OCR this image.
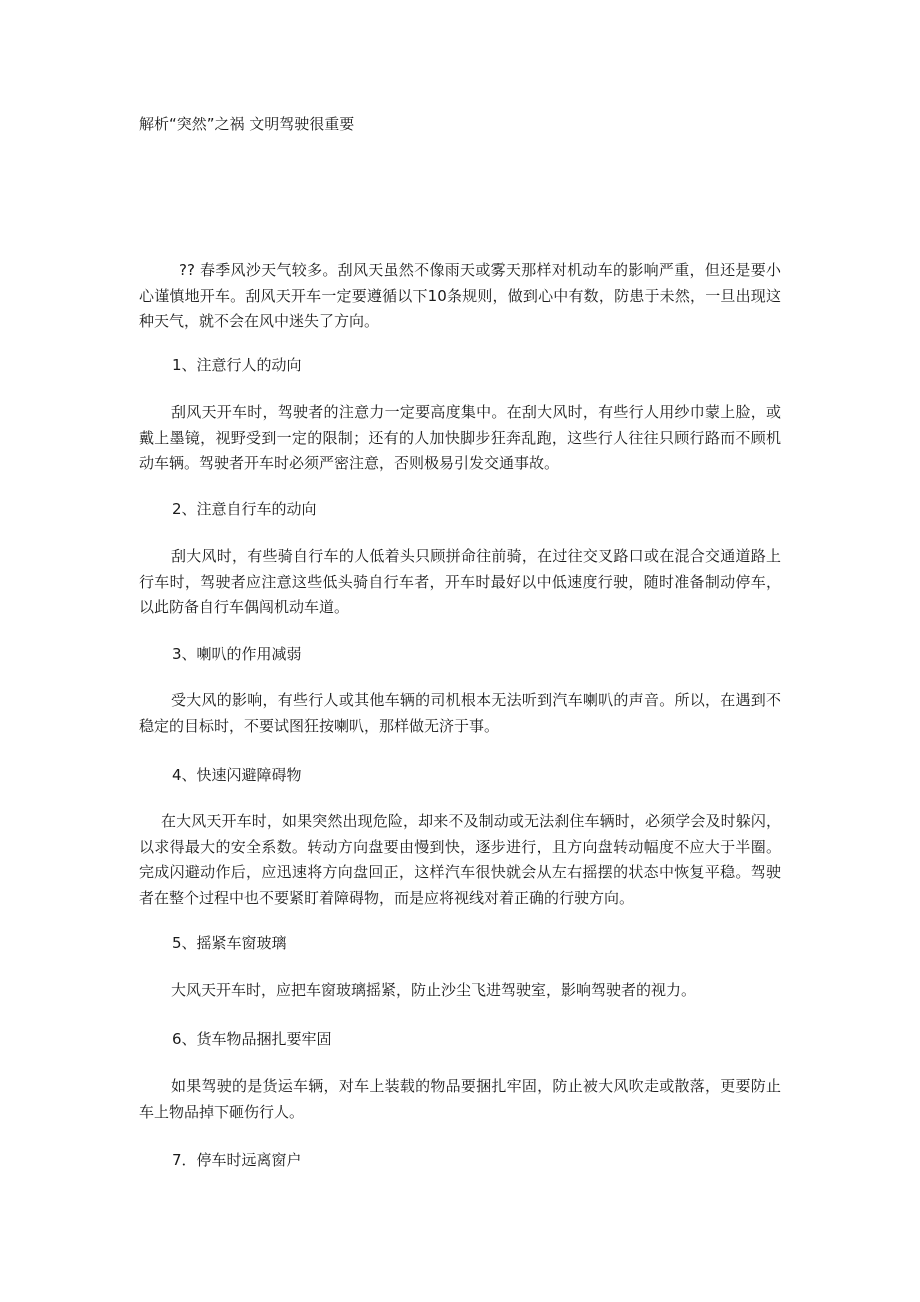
解析“突然”之祸 文明驾驶很重要

?? 春季风沙天气较多。刮风天虽然不像雨天或雾天那样对机动车的影响严重，但还是要小心谨慎地开车。刮风天开车一定要遵循以下10条规则，做到心中有数，防患于未然，一旦出现这种天气，就不会在风中迷失了方向。

1、注意行人的动向

刮风天开车时，驾驶者的注意力一定要高度集中。在刮大风时，有些行人用纱巾蒙上脸，或戴上墨镜，视野受到一定的限制；还有的人加快脚步狂奔乱跑，这些行人往往只顾行路而不顾机动车辆。驾驶者开车时必须严密注意，否则极易引发交通事故。

2、注意自行车的动向

刮大风时，有些骑自行车的人低着头只顾拼命往前骑，在过往交叉路口或在混合交通道路上行车时，驾驶者应注意这些低头骑自行车者，开车时最好以中低速度行驶，随时准备制动停车，以此防备自行车偶闯机动车道。

3、喇叭的作用减弱

受大风的影响，有些行人或其他车辆的司机根本无法听到汽车喇叭的声音。所以，在遇到不稳定的目标时，不要试图狂按喇叭，那样做无济于事。

4、快速闪避障碍物

在大风天开车时，如果突然出现危险，却来不及制动或无法刹住车辆时，必须学会及时躲闪，以求得最大的安全系数。转动方向盘要由慢到快，逐步进行，且方向盘转动幅度不应大于半圈。完成闪避动作后，应迅速将方向盘回正，这样汽车很快就会从左右摇摆的状态中恢复平稳。驾驶者在整个过程中也不要紧盯着障碍物，而是应将视线对着正确的行驶方向。

5、摇紧车窗玻璃

大风天开车时，应把车窗玻璃摇紧，防止沙尘飞进驾驶室，影响驾驶者的视力。

6、货车物品捆扎要牢固

如果驾驶的是货运车辆，对车上装载的物品要捆扎牢固，防止被大风吹走或散落，更要防止车上物品掉下砸伤行人。

7．停车时远离窗户
